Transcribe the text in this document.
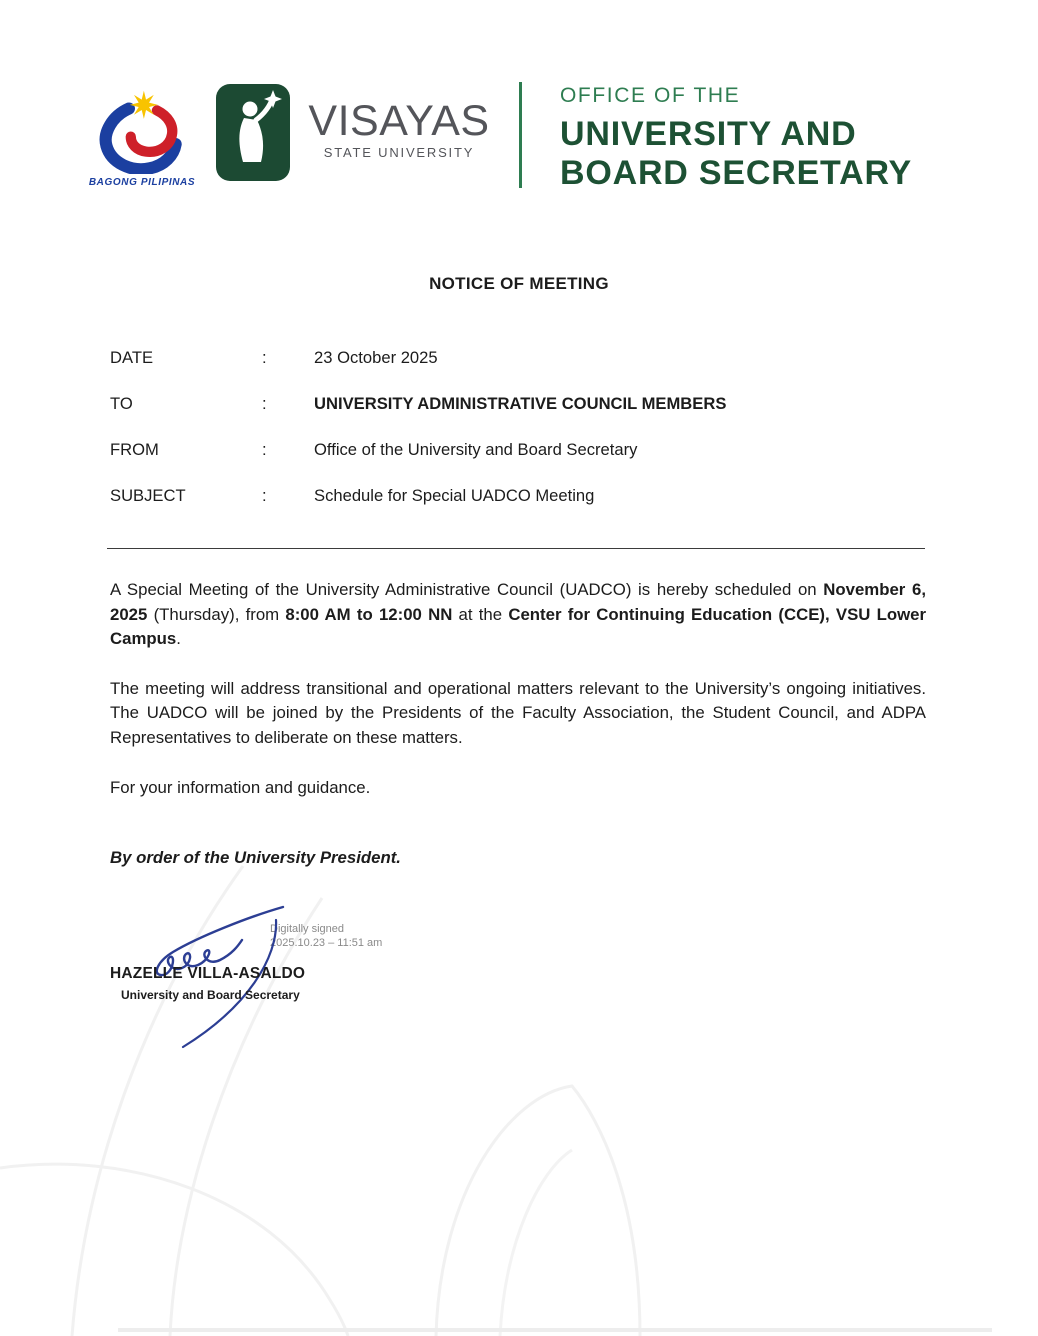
BAGONG PILIPINAS
VISAYAS
STATE UNIVERSITY
OFFICE OF THE
UNIVERSITY AND
BOARD SECRETARY
NOTICE OF MEETING
DATE	:	23 October 2025
TO	:	UNIVERSITY ADMINISTRATIVE COUNCIL MEMBERS
FROM	:	Office of the University and Board Secretary
SUBJECT	:	Schedule for Special UADCO Meeting

A Special Meeting of the University Administrative Council (UADCO) is hereby scheduled on November 6, 2025 (Thursday), from 8:00 AM to 12:00 NN at the Center for Continuing Education (CCE), VSU Lower Campus.

The meeting will address transitional and operational matters relevant to the University’s ongoing initiatives. The UADCO will be joined by the Presidents of the Faculty Association, the Student Council, and ADPA Representatives to deliberate on these matters.

For your information and guidance.

By order of the University President.

Digitally signed
2025.10.23 – 11:51 am
HAZELLE VILLA-ASALDO
University and Board Secretary
